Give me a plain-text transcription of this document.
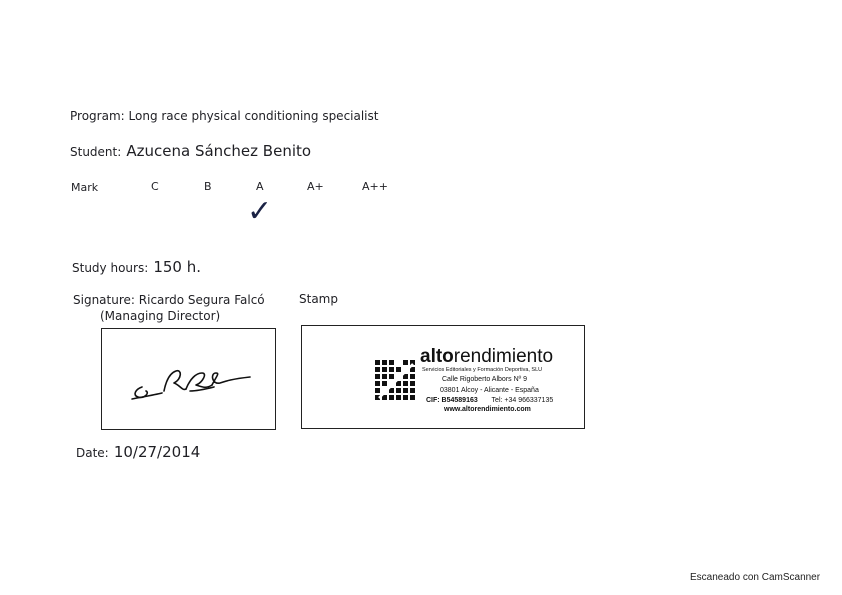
Program: Long race physical conditioning specialist
Student: Azucena Sánchez Benito
Mark	C	B	A	A+	A++
✓
Study hours: 150 h.
Signature: Ricardo Segura Falcó
(Managing Director)
Stamp
altorendimiento
Servicios Editoriales y Formación Deportiva, SLU
Calle Rigoberto Albors Nº 9
03801 Alcoy - Alicante - España
CIF: B54589163 Tel: +34 966337135
www.altorendimiento.com
Date: 10/27/2014
Escaneado con CamScanner
